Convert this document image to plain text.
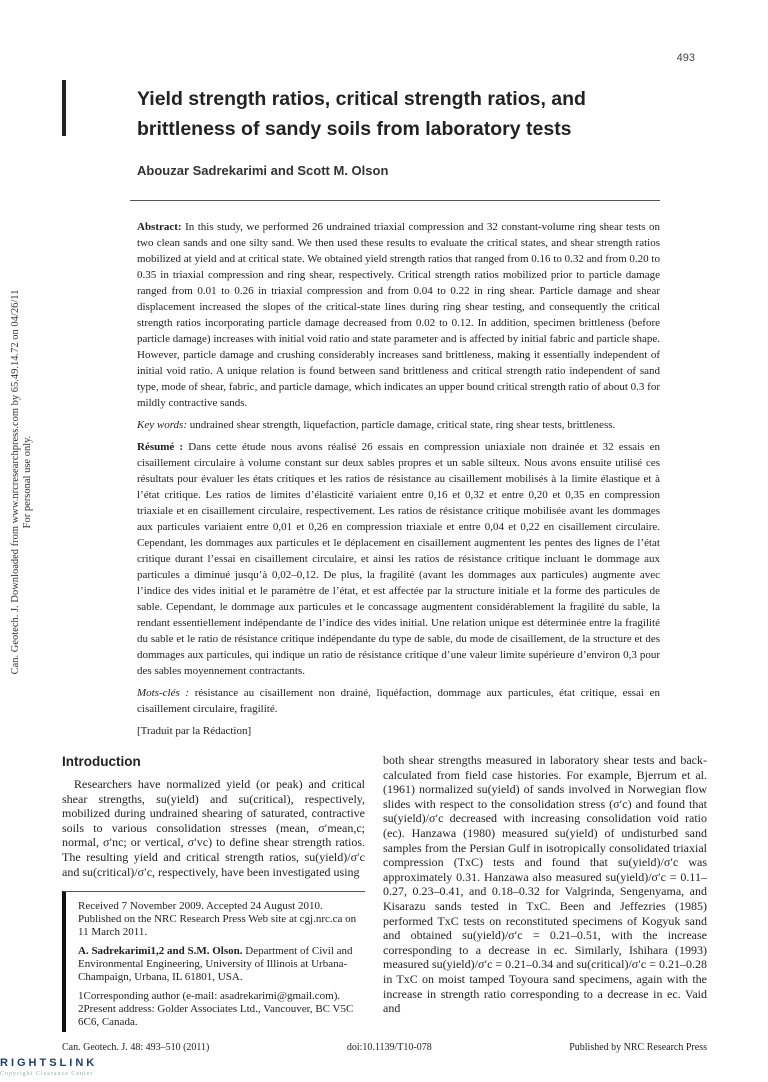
493
Yield strength ratios, critical strength ratios, and brittleness of sandy soils from laboratory tests
Abouzar Sadrekarimi and Scott M. Olson
Can. Geotech. J. Downloaded from www.nrcresearchpress.com by 65.49.14.72 on 04/26/11 For personal use only.

Abstract: In this study, we performed 26 undrained triaxial compression and 32 constant-volume ring shear tests on two clean sands and one silty sand. We then used these results to evaluate the critical states, and shear strength ratios mobilized at yield and at critical state. We obtained yield strength ratios that ranged from 0.16 to 0.32 and from 0.20 to 0.35 in triaxial compression and ring shear, respectively. Critical strength ratios mobilized prior to particle damage ranged from 0.01 to 0.26 in triaxial compression and from 0.04 to 0.22 in ring shear. Particle damage and shear displacement increased the slopes of the critical-state lines during ring shear testing, and consequently the critical strength ratios incorporating particle damage decreased from 0.02 to 0.12. In addition, specimen brittleness (before particle damage) increases with initial void ratio and state parameter and is affected by initial fabric and particle shape. However, particle damage and crushing considerably increases sand brittleness, making it essentially independent of initial void ratio. A unique relation is found between sand brittleness and critical strength ratio independent of sand type, mode of shear, fabric, and particle damage, which indicates an upper bound critical strength ratio of about 0.3 for mildly contractive sands.

Key words: undrained shear strength, liquefaction, particle damage, critical state, ring shear tests, brittleness.

Résumé : Dans cette étude nous avons réalisé 26 essais en compression uniaxiale non drainée et 32 essais en cisaillement circulaire à volume constant sur deux sables propres et un sable silteux. Nous avons ensuite utilisé ces résultats pour évaluer les états critiques et les ratios de résistance au cisaillement mobilisés à la limite élastique et à l’état critique. Les ratios de limites d’élasticité variaient entre 0,16 et 0,32 et entre 0,20 et 0,35 en compression triaxiale et en cisaillement circulaire, respectivement. Les ratios de résistance critique mobilisée avant les dommages aux particules variaient entre 0,01 et 0,26 en compression triaxiale et entre 0,04 et 0,22 en cisaillement circulaire. Cependant, les dommages aux particules et le déplacement en cisaillement augmentent les pentes des lignes de l’état critique durant l’essai en cisaillement circulaire, et ainsi les ratios de résistance critique incluant le dommage aux particules a diminué jusqu’à 0,02–0,12. De plus, la fragilité (avant les dommages aux particules) augmente avec l’indice des vides initial et le paramètre de l’état, et est affectée par la structure initiale et la forme des particules de sable. Cependant, le dommage aux particules et le concassage augmentent considérablement la fragilité du sable, la rendant essentiellement indépendante de l’indice des vides initial. Une relation unique est déterminée entre la fragilité du sable et le ratio de résistance critique indépendante du type de sable, du mode de cisaillement, de la structure et des dommages aux particules, qui indique un ratio de résistance critique d’une valeur limite supérieure d’environ 0,3 pour des sables moyennement contractants.

Mots-clés : résistance au cisaillement non drainé, liquéfaction, dommage aux particules, état critique, essai en cisaillement circulaire, fragilité.

[Traduit par la Rédaction]

Introduction
Researchers have normalized yield (or peak) and critical shear strengths, su(yield) and su(critical), respectively, mobilized during undrained shearing of saturated, contractive soils to various consolidation stresses (mean, σ′mean,c; normal, σ′nc; or vertical, σ′vc) to define shear strength ratios. The resulting yield and critical strength ratios, su(yield)/σ′c and su(critical)/σ′c, respectively, have been investigated using

Received 7 November 2009. Accepted 24 August 2010. Published on the NRC Research Press Web site at cgj.nrc.ca on 11 March 2011.

A. Sadrekarimi1,2 and S.M. Olson. Department of Civil and Environmental Engineering, University of Illinois at Urbana-Champaign, Urbana, IL 61801, USA.

1Corresponding author (e-mail: asadrekarimi@gmail.com).
2Present address: Golder Associates Ltd., Vancouver, BC V5C 6C6, Canada.

both shear strengths measured in laboratory shear tests and back-calculated from field case histories. For example, Bjerrum et al. (1961) normalized su(yield) of sands involved in Norwegian flow slides with respect to the consolidation stress (σ′c) and found that su(yield)/σ′c decreased with increasing consolidation void ratio (ec). Hanzawa (1980) measured su(yield) of undisturbed sand samples from the Persian Gulf in isotropically consolidated triaxial compression (TxC) tests and found that su(yield)/σ′c was approximately 0.31. Hanzawa also measured su(yield)/σ′c = 0.11–0.27, 0.23–0.41, and 0.18–0.32 for Valgrinda, Sengenyama, and Kisarazu sands tested in TxC. Been and Jeffezries (1985) performed TxC tests on reconstituted specimens of Kogyuk sand and obtained su(yield)/σ′c = 0.21–0.51, with the increase corresponding to a decrease in ec. Similarly, Ishihara (1993) measured su(yield)/σ′c = 0.21–0.34 and su(critical)/σ′c = 0.21–0.28 in TxC on moist tamped Toyoura sand specimens, again with the increase in strength ratio corresponding to a decrease in ec. Vaid and
Can. Geotech. J. 48: 493–510 (2011)	doi:10.1139/T10-078	Published by NRC Research Press
RIGHTSLINK
Copyright Clearance Center
